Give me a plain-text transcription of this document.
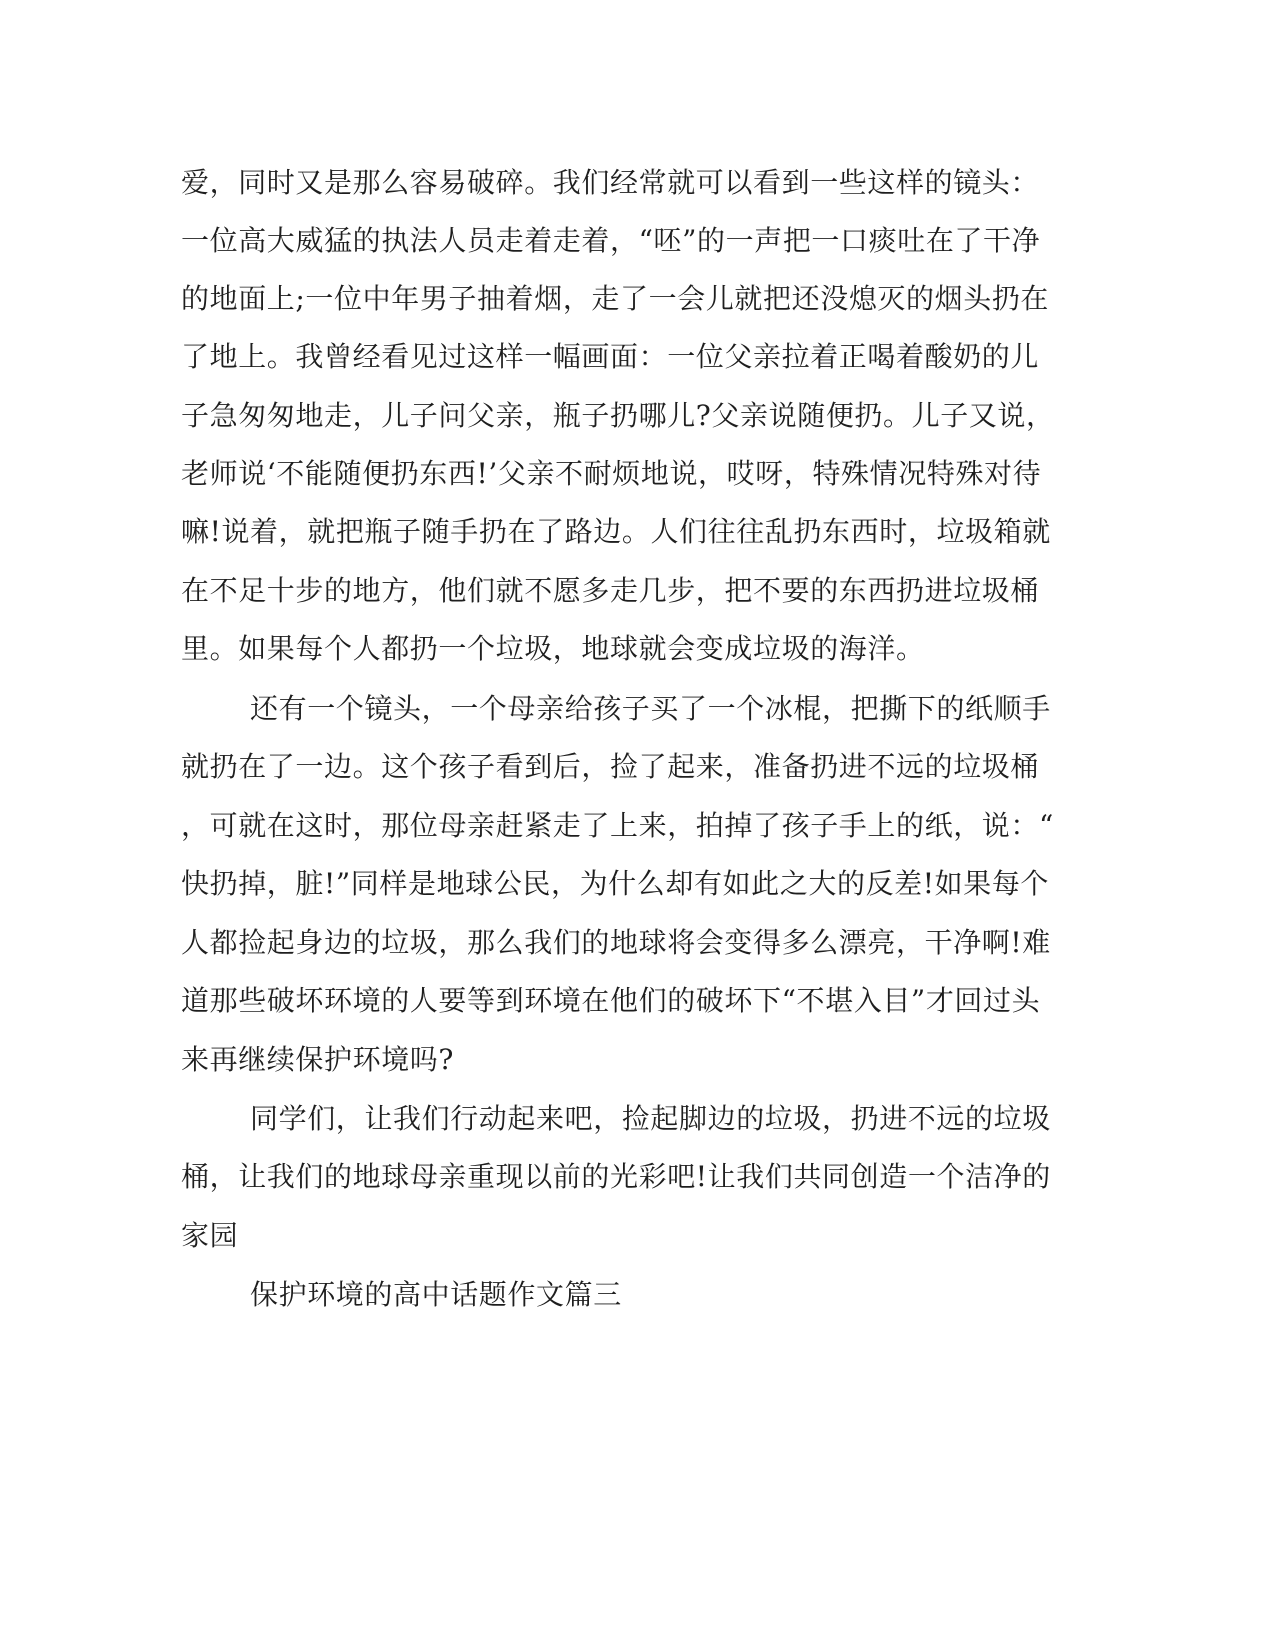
爱，同时又是那么容易破碎。我们经常就可以看到一些这样的镜头：
一位高大威猛的执法人员走着走着，“呸”的一声把一口痰吐在了干净
的地面上;一位中年男子抽着烟，走了一会儿就把还没熄灭的烟头扔在
了地上。我曾经看见过这样一幅画面：一位父亲拉着正喝着酸奶的儿
子急匆匆地走，儿子问父亲，瓶子扔哪儿?父亲说随便扔。儿子又说，
老师说‘不能随便扔东西!’父亲不耐烦地说，哎呀，特殊情况特殊对待
嘛!说着，就把瓶子随手扔在了路边。人们往往乱扔东西时，垃圾箱就
在不足十步的地方，他们就不愿多走几步，把不要的东西扔进垃圾桶
里。如果每个人都扔一个垃圾，地球就会变成垃圾的海洋。
还有一个镜头，一个母亲给孩子买了一个冰棍，把撕下的纸顺手
就扔在了一边。这个孩子看到后，捡了起来，准备扔进不远的垃圾桶
，可就在这时，那位母亲赶紧走了上来，拍掉了孩子手上的纸，说：“
快扔掉，脏!”同样是地球公民，为什么却有如此之大的反差!如果每个
人都捡起身边的垃圾，那么我们的地球将会变得多么漂亮，干净啊!难
道那些破坏环境的人要等到环境在他们的破坏下“不堪入目”才回过头
来再继续保护环境吗?
同学们，让我们行动起来吧，捡起脚边的垃圾，扔进不远的垃圾
桶，让我们的地球母亲重现以前的光彩吧!让我们共同创造一个洁净的
家园
保护环境的高中话题作文篇三
